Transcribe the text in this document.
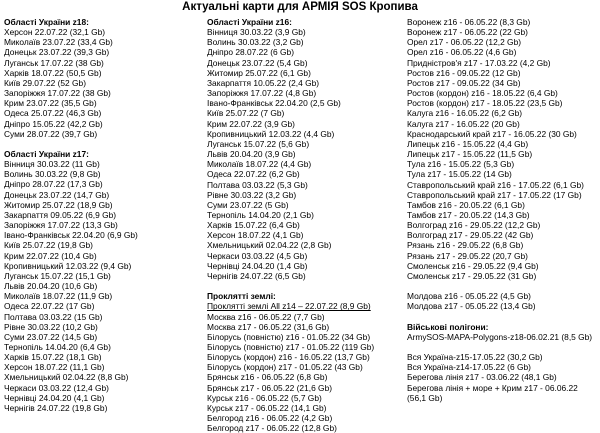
Актуальні карти для АРМІЯ SOS Кропива
Області України z18:
Херсон 22.07.22 (32,1 Gb)
Миколаїв 23.07.22 (33,4 Gb)
Донецьк 23.07.22 (39,3 Gb)
Луганськ 17.07.22 (38 Gb)
Харків 18.07.22 (50,5 Gb)
Київ 29.07.22 (52 Gb)
Запоріжжя 17.07.22 (38 Gb)
Крим 23.07.22 (35,5 Gb)
Одеса 25.07.22 (46,3 Gb)
Дніпро 15.05.22 (42,2 Gb)
Суми 28.07.22 (39,7 Gb)
Області України z17:
Вінниця 30.03.22 (11 Gb)
Волинь 30.03.22 (9,8 Gb)
Дніпро 28.07.22 (17,3 Gb)
Донецьк 23.07.22 (14,7 Gb)
Житомир 25.07.22 (18,9 Gb)
Закарпаття 09.05.22 (6,9 Gb)
Запоріжжя 17.07.22 (13,3 Gb)
Івано-Франківськ 22.04.20 (6,9 Gb)
Київ 25.07.22 (19,8 Gb)
Крим 22.07.22 (10,4 Gb)
Кропивницький 12.03.22 (9,4 Gb)
Луганськ 15.07.22 (15,1 Gb)
Львів 20.04.20 (10,6 Gb)
Миколаїв 18.07.22 (11,9 Gb)
Одеса 22.07.22 (17 Gb)
Полтава 03.03.22 (15 Gb)
Рівне 30.03.22 (10,2 Gb)
Суми 23.07.22 (14,5 Gb)
Тернопіль 14.04.20 (6,4 Gb)
Харків 15.07.22 (18,1 Gb)
Херсон 18.07.22 (11,1 Gb)
Хмельницький 02.04.22 (8,8 Gb)
Черкаси 03.03.22 (12,4 Gb)
Чернівці 24.04.20 (4,1 Gb)
Чернігів 24.07.22 (19,8 Gb)
Області України z16:
Вінниця 30.03.22 (3,9 Gb)
Волинь 30.03.22 (3,2 Gb)
Дніпро 28.07.22 (6 Gb)
Донецьк 23.07.22 (5,4 Gb)
Житомир 25.07.22 (6,1 Gb)
Закарпаття 10.05.22 (2,4 Gb)
Запоріжжя 17.07.22 (4,8 Gb)
Івано-Франківськ 22.04.20 (2,5 Gb)
Київ 25.07.22 (7 Gb)
Крим 22.07.22 (3,9 Gb)
Кропивницький 12.03.22 (4,4 Gb)
Луганськ 15.07.22 (5,6 Gb)
Львів 20.04.20 (3,9 Gb)
Миколаїв 18.07.22 (4,4 Gb)
Одеса 22.07.22 (6,2 Gb)
Полтава 03.03.22 (5,3 Gb)
Рівне 30.03.22 (3,2 Gb)
Суми 23.07.22 (5 Gb)
Тернопіль 14.04.20 (2,1 Gb)
Харків 15.07.22 (6,4 Gb)
Херсон 18.07.22 (4,1 Gb)
Хмельницький 02.04.22 (2,8 Gb)
Черкаси 03.03.22 (4,5 Gb)
Чернівці 24.04.20 (1,4 Gb)
Чернігів 24.07.22 (6,5 Gb)
Проклятті землі:
Проклятті землі All z14 – 22.07.22 (8,9 Gb)
Москва z16 - 06.05.22 (7,7 Gb)
Москва z17 - 06.05.22 (31,6 Gb)
Білорусь (повністю) z16 - 01.05.22 (34 Gb)
Білорусь (повністю) z17 - 01.05.22 (119 Gb)
Білорусь (кордон) z16 - 16.05.22 (13,7 Gb)
Білорусь (кордон) z17 - 01.05.22 (43 Gb)
Брянськ z16 - 06.05.22 (6,8 Gb)
Брянськ z17 - 06.05.22 (21,6 Gb)
Курськ z16 - 06.05.22 (5,7 Gb)
Курськ z17 - 06.05.22 (14,1 Gb)
Белгород z16 - 06.05.22 (4,2 Gb)
Белгород z17 - 06.05.22 (12,8 Gb)
Воронеж z16 - 06.05.22 (8,3 Gb)
Воронеж z17 - 06.05.22 (22 Gb)
Орел z17 - 06.05.22 (12,2 Gb)
Орел z16 - 06.05.22 (4,6 Gb)
Придністров'я z17 - 17.03.22 (4,2 Gb)
Ростов z16 - 09.05.22 (12 Gb)
Ростов z17 - 09.05.22 (34 Gb)
Ростов (кордон) z16 - 18.05.22 (6,4 Gb)
Ростов (кордон) z17 - 18.05.22 (23,5 Gb)
Калуга z16 - 16.05.22 (6,2 Gb)
Калуга z17 - 16.05.22 (20 Gb)
Краснодарський край z17 - 16.05.22 (30 Gb)
Липецьк z16 - 15.05.22 (4,4 Gb)
Липецьк z17 - 15.05.22 (11,5 Gb)
Тула z16 - 15.05.22 (5,3 Gb)
Тула z17 - 15.05.22 (14 Gb)
Ставропольський край z16 - 17.05.22 (6,1 Gb)
Ставропольський край z17 - 17.05.22 (17 Gb)
Тамбов z16 - 20.05.22 (6,1 Gb)
Тамбов z17 - 20.05.22 (14,3 Gb)
Волгоград z16 - 29.05.22 (12,2 Gb)
Волгоград z17 - 29.05.22 (42 Gb)
Рязань z16 - 29.05.22 (6,8 Gb)
Рязань z17 - 29.05.22 (20,7 Gb)
Смоленськ z16 - 29.05.22 (9,4 Gb)
Смоленськ z17 - 29.05.22 (31 Gb)
Молдова z16 - 05.05.22 (4,5 Gb)
Молдова z17 - 05.05.22 (13,4 Gb)
Військові полігони:
ArmySOS-MAPA-Polygons-z18-06.02.21 (8,5 Gb)
Вся Україна-z15-17.05.22 (30,2 Gb)
Вся Україна-z14-17.05.22 (6 Gb)
Берегова лінія z17 - 03.06.22 (48,1 Gb)
Берегова лінія + море + Крим z17 - 06.06.22 (56,1 Gb)
